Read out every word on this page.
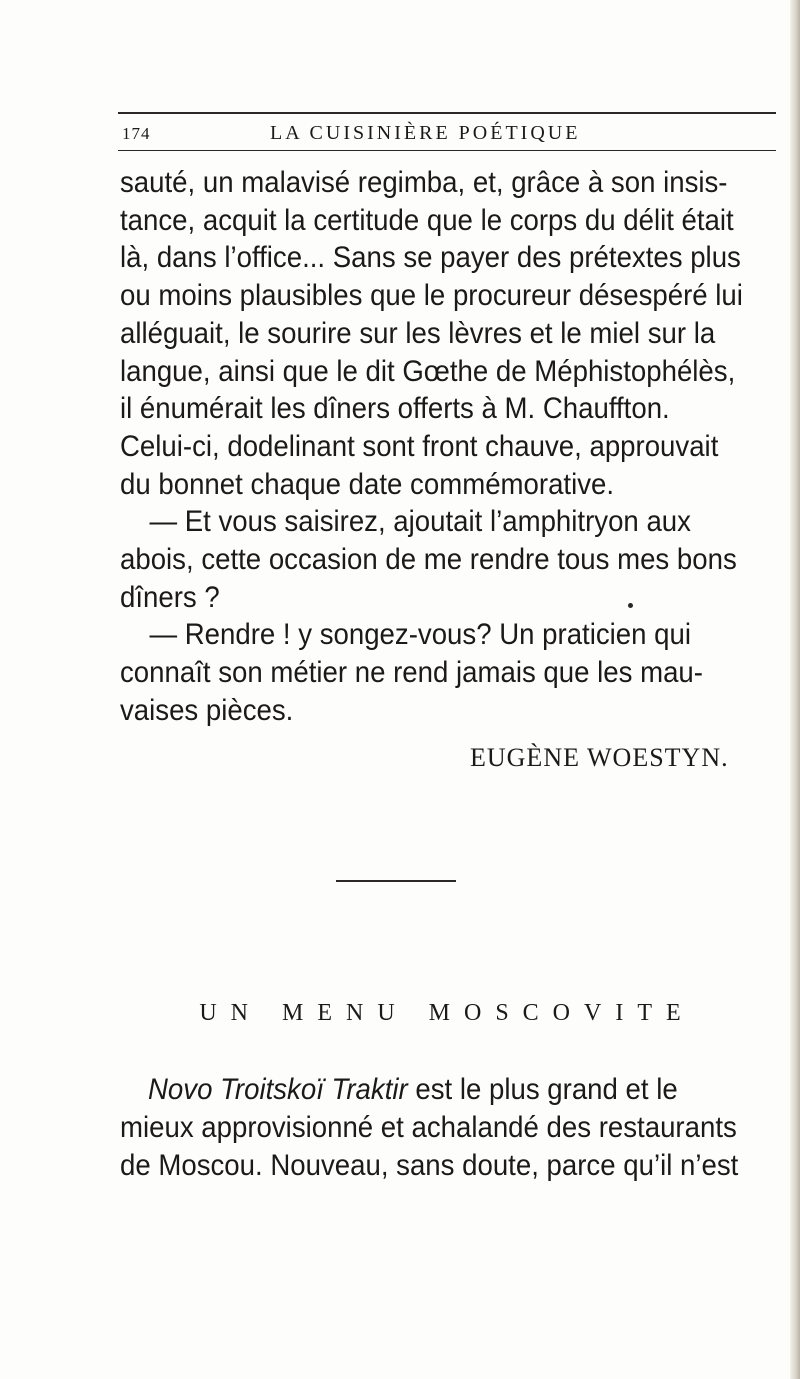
174	LA CUISINIÈRE POÉTIQUE
sauté, un malavisé regimba, et, grâce à son insis-
tance, acquit la certitude que le corps du délit était
là, dans l’office... Sans se payer des prétextes plus
ou moins plausibles que le procureur désespéré lui
alléguait, le sourire sur les lèvres et le miel sur la
langue, ainsi que le dit Gœthe de Méphistophélès,
il énumérait les dîners offerts à M. Chauffton.
Celui-ci, dodelinant sont front chauve, approuvait
du bonnet chaque date commémorative.
— Et vous saisirez, ajoutait l’amphitryon aux
abois, cette occasion de me rendre tous mes bons
dîners ?
— Rendre ! y songez-vous? Un praticien qui
connaît son métier ne rend jamais que les mau-
vaises pièces.
EUGÈNE WOESTYN.
UN MENU MOSCOVITE
Novo Troitskoï Traktir est le plus grand et le
mieux approvisionné et achalandé des restaurants
de Moscou. Nouveau, sans doute, parce qu’il n’est
